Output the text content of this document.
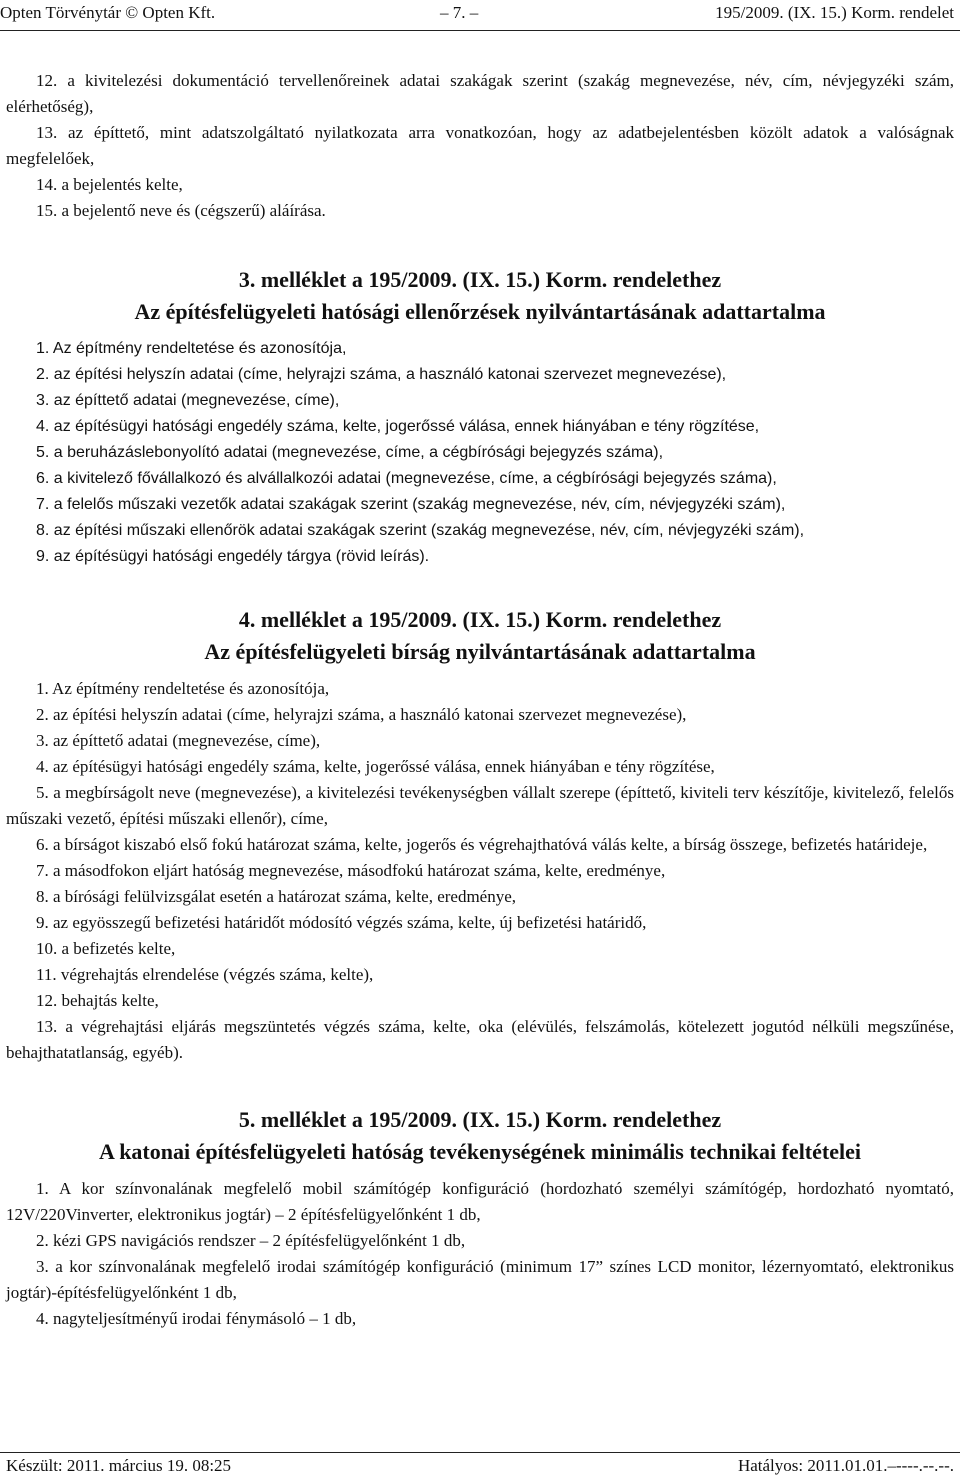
Opten Törvénytár © Opten Kft.	– 7. –	195/2009. (IX. 15.) Korm. rendelet
12. a kivitelezési dokumentáció tervellenőreinek adatai szakágak szerint (szakág megnevezése, név, cím, névjegyzéki szám, elérhetőség),
13. az építtető, mint adatszolgáltató nyilatkozata arra vonatkozóan, hogy az adatbejelentésben közölt adatok a valóságnak megfelelőek,
14. a bejelentés kelte,
15. a bejelentő neve és (cégszerű) aláírása.
3. melléklet a 195/2009. (IX. 15.) Korm. rendelethez
Az építésfelügyeleti hatósági ellenőrzések nyilvántartásának adattartalma
1. Az építmény rendeltetése és azonosítója,
2. az építési helyszín adatai (címe, helyrajzi száma, a használó katonai szervezet megnevezése),
3. az építtető adatai (megnevezése, címe),
4. az építésügyi hatósági engedély száma, kelte, jogerőssé válása, ennek hiányában e tény rögzítése,
5. a beruházáslebonyolító adatai (megnevezése, címe, a cégbírósági bejegyzés száma),
6. a kivitelező fővállalkozó és alvállalkozói adatai (megnevezése, címe, a cégbírósági bejegyzés száma),
7. a felelős műszaki vezetők adatai szakágak szerint (szakág megnevezése, név, cím, névjegyzéki szám),
8. az építési műszaki ellenőrök adatai szakágak szerint (szakág megnevezése, név, cím, névjegyzéki szám),
9. az építésügyi hatósági engedély tárgya (rövid leírás).
4. melléklet a 195/2009. (IX. 15.) Korm. rendelethez
Az építésfelügyeleti bírság nyilvántartásának adattartalma
1. Az építmény rendeltetése és azonosítója,
2. az építési helyszín adatai (címe, helyrajzi száma, a használó katonai szervezet megnevezése),
3. az építtető adatai (megnevezése, címe),
4. az építésügyi hatósági engedély száma, kelte, jogerőssé válása, ennek hiányában e tény rögzítése,
5. a megbírságolt neve (megnevezése), a kivitelezési tevékenységben vállalt szerepe (építtető, kiviteli terv készítője, kivitelező, felelős műszaki vezető, építési műszaki ellenőr), címe,
6. a bírságot kiszabó első fokú határozat száma, kelte, jogerős és végrehajthatóvá válás kelte, a bírság összege, befizetés határideje,
7. a másodfokon eljárt hatóság megnevezése, másodfokú határozat száma, kelte, eredménye,
8. a bírósági felülvizsgálat esetén a határozat száma, kelte, eredménye,
9. az egyösszegű befizetési határidőt módosító végzés száma, kelte, új befizetési határidő,
10. a befizetés kelte,
11. végrehajtás elrendelése (végzés száma, kelte),
12. behajtás kelte,
13. a végrehajtási eljárás megszüntetés végzés száma, kelte, oka (elévülés, felszámolás, kötelezett jogutód nélküli megszűnése, behajthatatlanság, egyéb).
5. melléklet a 195/2009. (IX. 15.) Korm. rendelethez
A katonai építésfelügyeleti hatóság tevékenységének minimális technikai feltételei
1. A kor színvonalának megfelelő mobil számítógép konfiguráció (hordozható személyi számítógép, hordozható nyomtató, 12V/220Vinverter, elektronikus jogtár) – 2 építésfelügyelőnként 1 db,
2. kézi GPS navigációs rendszer – 2 építésfelügyelőnként 1 db,
3. a kor színvonalának megfelelő irodai számítógép konfiguráció (minimum 17” színes LCD monitor, lézernyomtató, elektronikus jogtár)-építésfelügyelőnként 1 db,
4. nagyteljesítményű irodai fénymásoló – 1 db,
Készült: 2011. március 19. 08:25	Hatályos: 2011.01.01.–----.--.--.
